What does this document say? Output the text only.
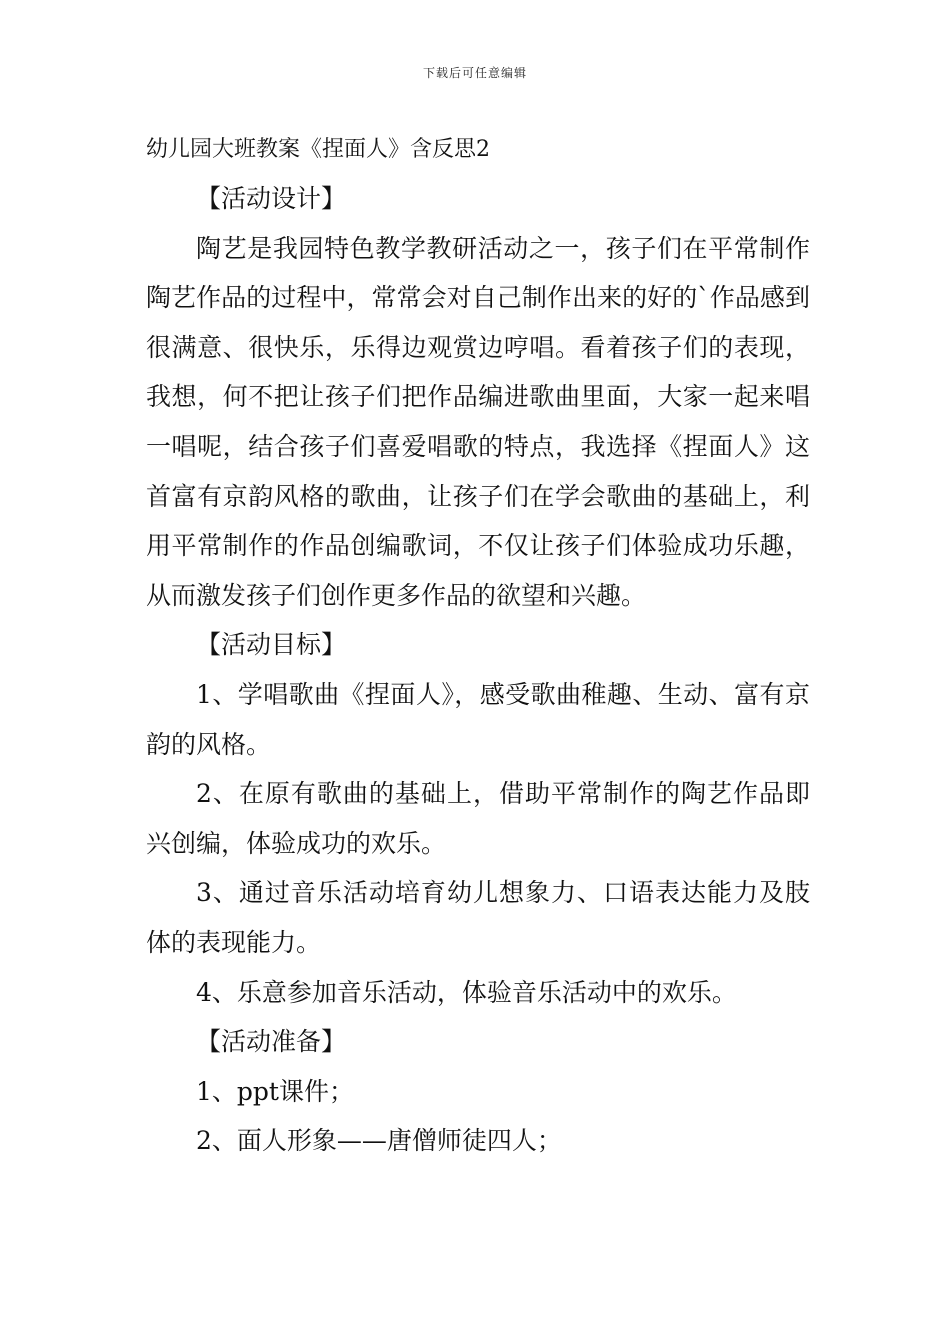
下载后可任意编辑
幼儿园大班教案《捏面人》含反思2

【活动设计】

陶艺是我园特色教学教研活动之一，孩子们在平常制作陶艺作品的过程中，常常会对自己制作出来的好的`作品感到很满意、很快乐，乐得边观赏边哼唱。看着孩子们的表现，我想，何不把让孩子们把作品编进歌曲里面，大家一起来唱一唱呢，结合孩子们喜爱唱歌的特点，我选择《捏面人》这首富有京韵风格的歌曲，让孩子们在学会歌曲的基础上，利用平常制作的作品创编歌词，不仅让孩子们体验成功乐趣，从而激发孩子们创作更多作品的欲望和兴趣。

【活动目标】

1、学唱歌曲《捏面人》，感受歌曲稚趣、生动、富有京韵的风格。

2、在原有歌曲的基础上，借助平常制作的陶艺作品即兴创编，体验成功的欢乐。

3、通过音乐活动培育幼儿想象力、口语表达能力及肢体的表现能力。

4、乐意参加音乐活动，体验音乐活动中的欢乐。

【活动准备】

1、ppt课件；

2、面人形象——唐僧师徒四人；
